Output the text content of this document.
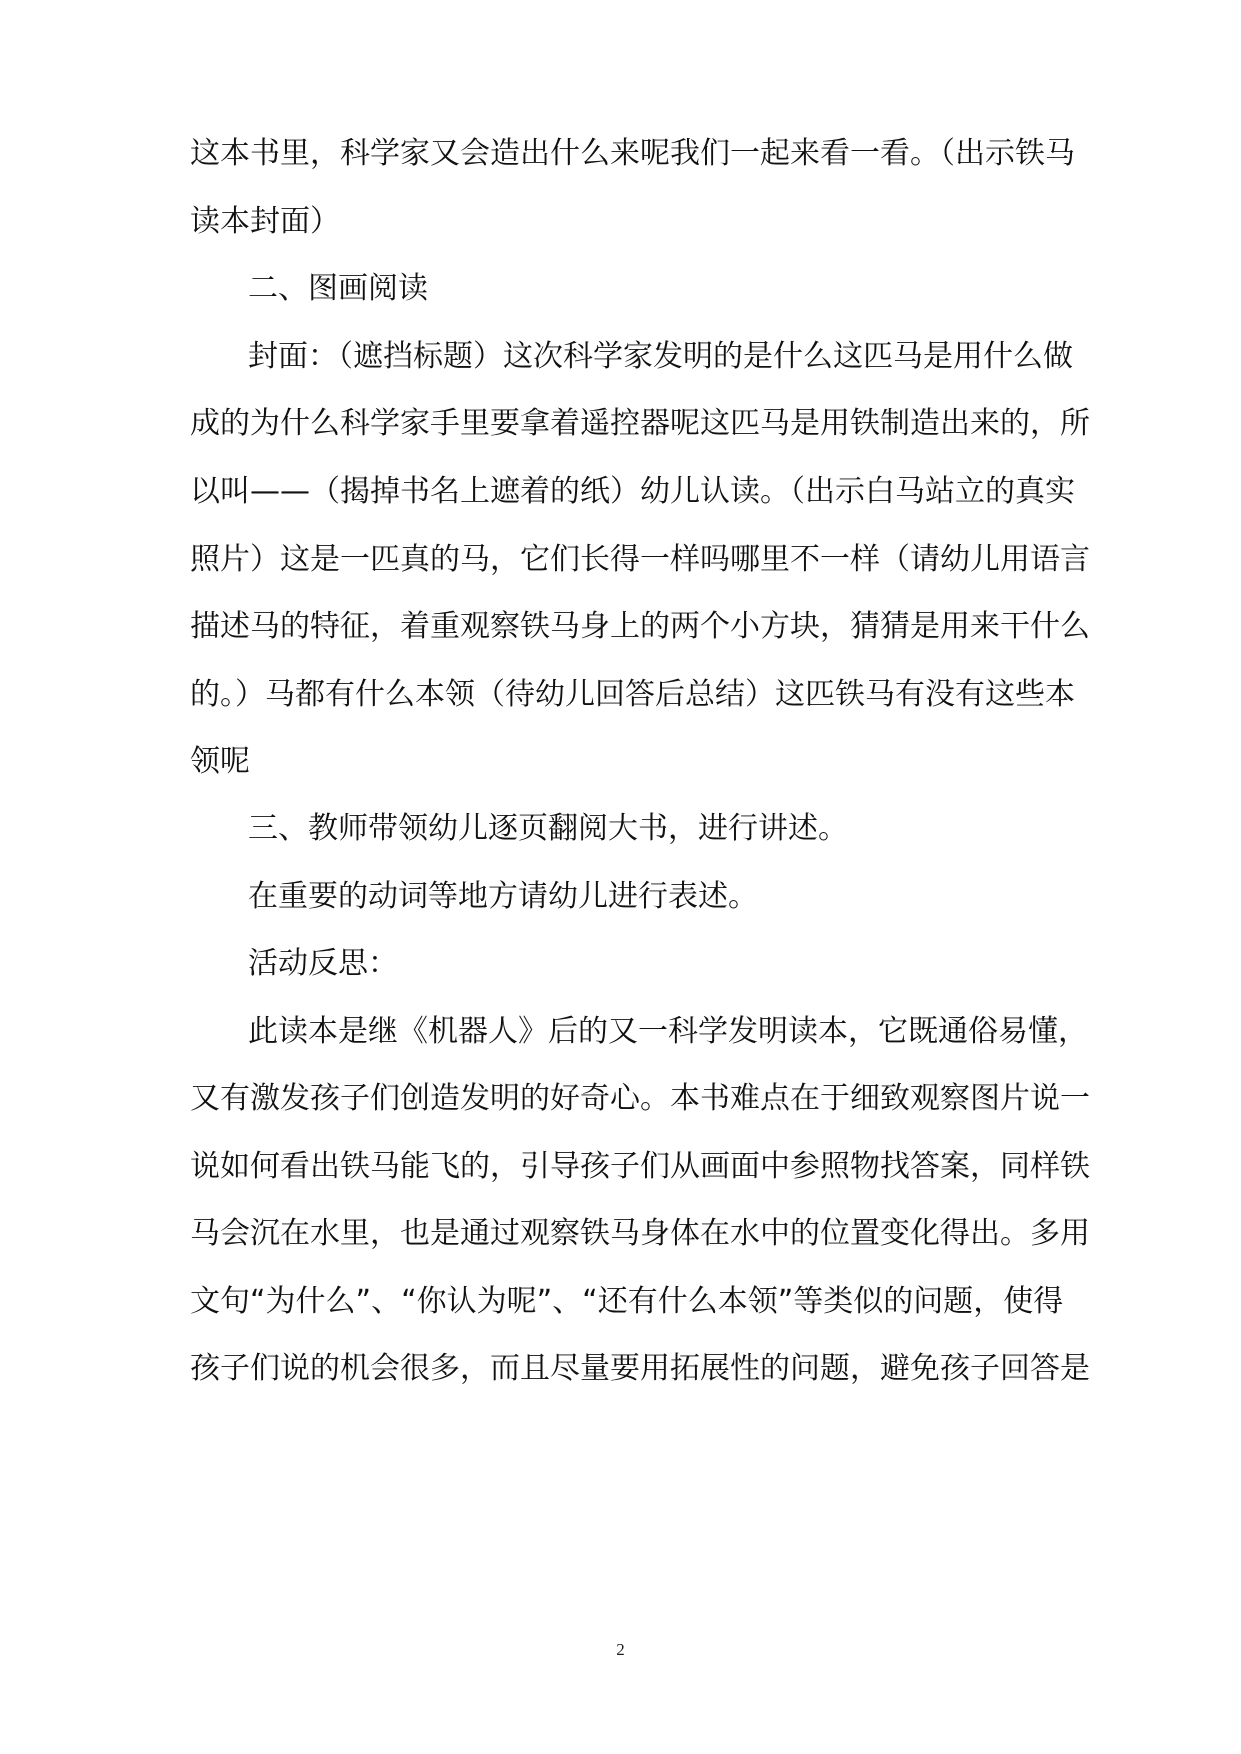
这本书里，科学家又会造出什么来呢我们一起来看一看。（出示铁马
读本封面）
二、图画阅读
封面：（遮挡标题）这次科学家发明的是什么这匹马是用什么做
成的为什么科学家手里要拿着遥控器呢这匹马是用铁制造出来的，所
以叫——（揭掉书名上遮着的纸）幼儿认读。（出示白马站立的真实
照片）这是一匹真的马，它们长得一样吗哪里不一样（请幼儿用语言
描述马的特征，着重观察铁马身上的两个小方块，猜猜是用来干什么
的。）马都有什么本领（待幼儿回答后总结）这匹铁马有没有这些本
领呢
三、教师带领幼儿逐页翻阅大书，进行讲述。
在重要的动词等地方请幼儿进行表述。
活动反思：
此读本是继《机器人》后的又一科学发明读本，它既通俗易懂，
又有激发孩子们创造发明的好奇心。本书难点在于细致观察图片说一
说如何看出铁马能飞的，引导孩子们从画面中参照物找答案，同样铁
马会沉在水里，也是通过观察铁马身体在水中的位置变化得出。多用
文句“为什么”、“你认为呢”、“还有什么本领”等类似的问题，使得
孩子们说的机会很多，而且尽量要用拓展性的问题，避免孩子回答是
2
